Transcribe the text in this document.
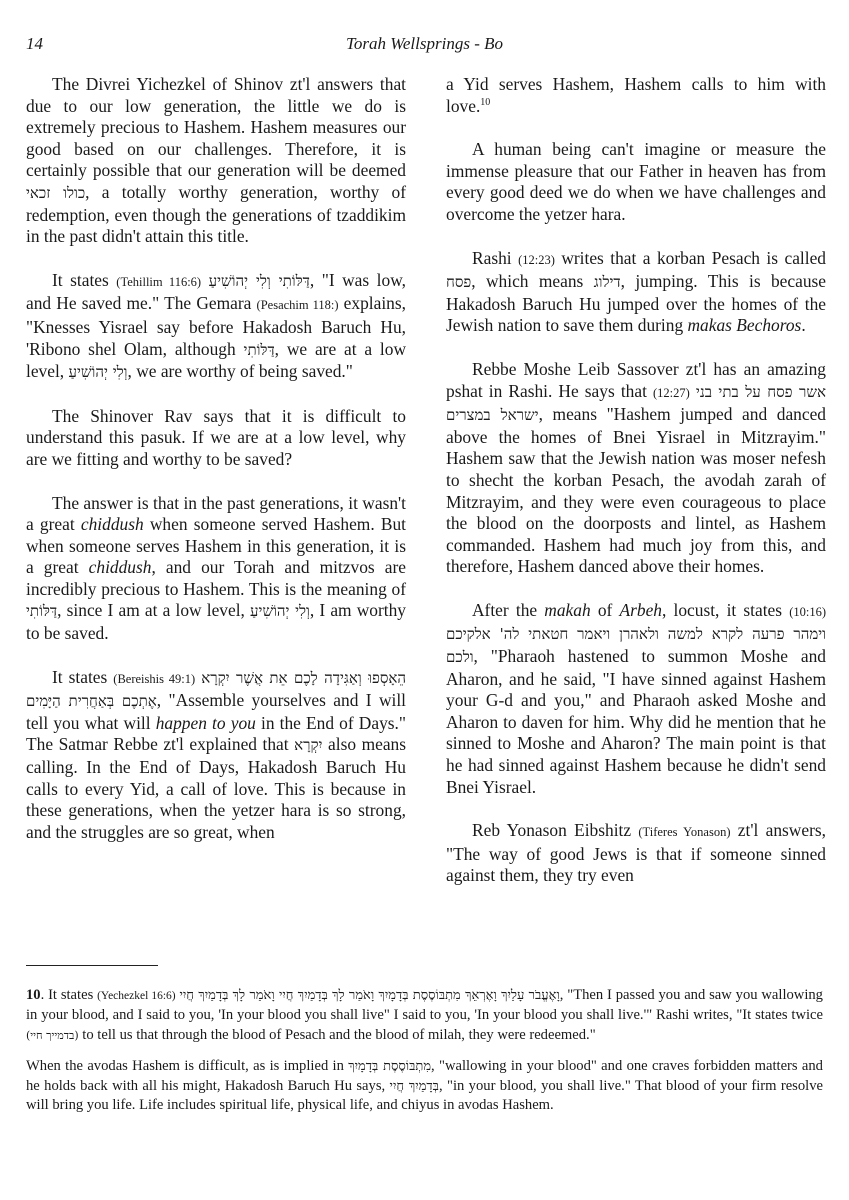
14	Torah Wellsprings - Bo

The Divrei Yichezkel of Shinov zt'l answers that due to our low generation, the little we do is extremely precious to Hashem. Hashem measures our good based on our challenges. Therefore, it is certainly possible that our generation will be deemed כולו זכאי, a totally worthy generation, worthy of redemption, even though the generations of tzaddikim in the past didn't attain this title.

It states (Tehillim 116:6) דַּלּוֹתִי וְלִי יְהוֹשִׁיעַ, "I was low, and He saved me." The Gemara (Pesachim 118:) explains, "Knesses Yisrael say before Hakadosh Baruch Hu, 'Ribono shel Olam, although דַּלּוֹתִי, we are at a low level, וְלִי יְהוֹשִׁיעַ, we are worthy of being saved."

The Shinover Rav says that it is difficult to understand this pasuk. If we are at a low level, why are we fitting and worthy to be saved?

The answer is that in the past generations, it wasn't a great chiddush when someone served Hashem. But when someone serves Hashem in this generation, it is a great chiddush, and our Torah and mitzvos are incredibly precious to Hashem. This is the meaning of דַּלּוֹתִי, since I am at a low level, וְלִי יְהוֹשִׁיעַ, I am worthy to be saved.

It states (Bereishis 49:1) הֵאָסְפוּ וְאַגִּידָה לָכֶם אֵת אֲשֶׁר יִקְרָא אֶתְכֶם בְּאַחֲרִית הַיָּמִים, "Assemble yourselves and I will tell you what will happen to you in the End of Days." The Satmar Rebbe zt'l explained that יִקְרָא also means calling. In the End of Days, Hakadosh Baruch Hu calls to every Yid, a call of love. This is because in these generations, when the yetzer hara is so strong, and the struggles are so great, when

a Yid serves Hashem, Hashem calls to him with love.$^{10}$

A human being can't imagine or measure the immense pleasure that our Father in heaven has from every good deed we do when we have challenges and overcome the yetzer hara.

Rashi (12:23) writes that a korban Pesach is called פסח, which means דילוג, jumping. This is because Hakadosh Baruch Hu jumped over the homes of the Jewish nation to save them during makas Bechoros.

Rebbe Moshe Leib Sassover zt'l has an amazing pshat in Rashi. He says that (12:27) אשר פסח על בתי בני ישראל במצרים, means "Hashem jumped and danced above the homes of Bnei Yisrael in Mitzrayim." Hashem saw that the Jewish nation was moser nefesh to shecht the korban Pesach, the avodah zarah of Mitzrayim, and they were even courageous to place the blood on the doorposts and lintel, as Hashem commanded. Hashem had much joy from this, and therefore, Hashem danced above their homes.

After the makah of Arbeh, locust, it states (10:16) וימהר פרעה לקרא למשה ולאהרן ויאמר חטאתי לה' אלקיכם ולכם, "Pharaoh hastened to summon Moshe and Aharon, and he said, "I have sinned against Hashem your G-d and you," and Pharaoh asked Moshe and Aharon to daven for him. Why did he mention that he sinned to Moshe and Aharon? The main point is that he had sinned against Hashem because he didn't send Bnei Yisrael.

Reb Yonason Eibshitz (Tiferes Yonason) zt'l answers, "The way of good Jews is that if someone sinned against them, they try even

10. It states (Yechezkel 16:6) וָאֶעֱבֹר עָלַיִךְ וָאֶרְאֵךְ מִתְבּוֹסֶסֶת בְּדָמָיִךְ וָאֹמַר לָךְ בְּדָמַיִךְ חֲיִי וָאֹמַר לָךְ בְּדָמַיִךְ חֲיִי, "Then I passed you and saw you wallowing in your blood, and I said to you, 'In your blood you shall live" I said to you, 'In your blood you shall live.'" Rashi writes, "It states twice (בדמייך חיי) to tell us that through the blood of Pesach and the blood of milah, they were redeemed."

When the avodas Hashem is difficult, as is implied in מִתְבּוֹסֶסֶת בְּדָמָיִךְ, "wallowing in your blood" and one craves forbidden matters and he holds back with all his might, Hakadosh Baruch Hu says, בְּדָמַיִךְ חֲיִי, "in your blood, you shall live." That blood of your firm resolve will bring you life. Life includes spiritual life, physical life, and chiyus in avodas Hashem.
